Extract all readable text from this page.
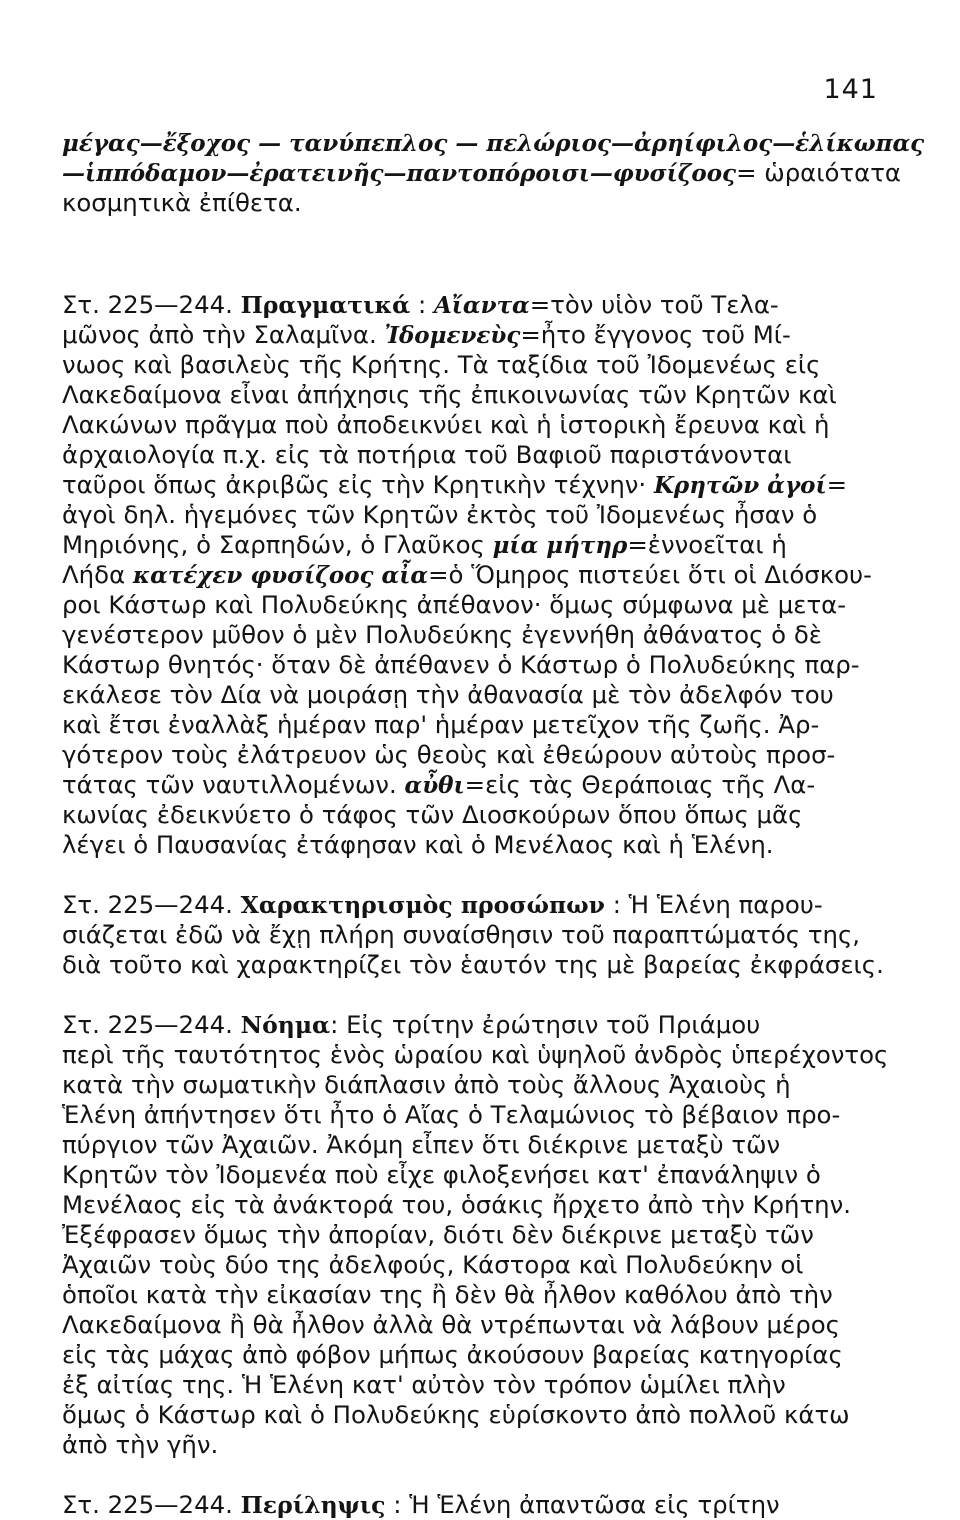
141
μέγας—ἔξοχος — τανύπεπλος — πελώριος—ἀρηίφιλος—ἑλίκωπας
—ἱππόδαμον—ἐρατεινῆς—παντοπόροισι—φυσίζοος= ὡραιότατα
κοσμητικὰ ἐπίθετα.
Στ. 225—244. Πραγματικά : Αἴαντα=τὸν υἱὸν τοῦ Τελα-
μῶνος ἀπὸ τὴν Σαλαμῖνα. Ἰδομενεὺς=ἦτο ἔγγονος τοῦ Μί-
νωος καὶ βασιλεὺς τῆς Κρήτης. Τὰ ταξίδια τοῦ Ἰδομενέως εἰς
Λακεδαίμονα εἶναι ἀπήχησις τῆς ἐπικοινωνίας τῶν Κρητῶν καὶ
Λακώνων πρᾶγμα ποὺ ἀποδεικνύει καὶ ἡ ἱστορικὴ ἔρευνα καὶ ἡ
ἀρχαιολογία π.χ. εἰς τὰ ποτήρια τοῦ Βαφιοῦ παριστάνονται
ταῦροι ὅπως ἀκριβῶς εἰς τὴν Κρητικὴν τέχνην· Κρητῶν ἀγοί=
ἀγοὶ δηλ. ἡγεμόνες τῶν Κρητῶν ἐκτὸς τοῦ Ἰδομενέως ἦσαν ὁ
Μηριόνης, ὁ Σαρπηδών, ὁ Γλαῦκος μία μήτηρ=ἐννοεῖται ἡ
Λήδα κατέχεν φυσίζοος αἶα=ὁ Ὅμηρος πιστεύει ὅτι οἱ Διόσκου-
ροι Κάστωρ καὶ Πολυδεύκης ἀπέθανον· ὅμως σύμφωνα μὲ μετα-
γενέστερον μῦθον ὁ μὲν Πολυδεύκης ἐγεννήθη ἀθάνατος ὁ δὲ
Κάστωρ θνητός· ὅταν δὲ ἀπέθανεν ὁ Κάστωρ ὁ Πολυδεύκης παρ-
εκάλεσε τὸν Δία νὰ μοιράσῃ τὴν ἀθανασία μὲ τὸν ἀδελφόν του
καὶ ἔτσι ἐναλλὰξ ἡμέραν παρ' ἡμέραν μετεῖχον τῆς ζωῆς. Ἀρ-
γότερον τοὺς ἐλάτρευον ὡς θεοὺς καὶ ἐθεώρουν αὐτοὺς προσ-
τάτας τῶν ναυτιλλομένων. αὖθι=εἰς τὰς Θεράποιας τῆς Λα-
κωνίας ἐδεικνύετο ὁ τάφος τῶν Διοσκούρων ὅπου ὅπως μᾶς
λέγει ὁ Παυσανίας ἐτάφησαν καὶ ὁ Μενέλαος καὶ ἡ Ἑλένη.
Στ. 225—244. Χαρακτηρισμὸς προσώπων : Ἡ Ἑλένη παρου-
σιάζεται ἐδῶ νὰ ἔχῃ πλήρη συναίσθησιν τοῦ παραπτώματός της,
διὰ τοῦτο καὶ χαρακτηρίζει τὸν ἑαυτόν της μὲ βαρείας ἐκφράσεις.
Στ. 225—244. Νόημα: Εἰς τρίτην ἐρώτησιν τοῦ Πριάμου
περὶ τῆς ταυτότητος ἑνὸς ὡραίου καὶ ὑψηλοῦ ἀνδρὸς ὑπερέχοντος
κατὰ τὴν σωματικὴν διάπλασιν ἀπὸ τοὺς ἄλλους Ἀχαιοὺς ἡ
Ἑλένη ἀπήντησεν ὅτι ἦτο ὁ Αἴας ὁ Τελαμώνιος τὸ βέβαιον προ-
πύργιον τῶν Ἀχαιῶν. Ἀκόμη εἶπεν ὅτι διέκρινε μεταξὺ τῶν
Κρητῶν τὸν Ἰδομενέα ποὺ εἶχε φιλοξενήσει κατ' ἐπανάληψιν ὁ
Μενέλαος εἰς τὰ ἀνάκτορά του, ὁσάκις ἤρχετο ἀπὸ τὴν Κρήτην.
Ἐξέφρασεν ὅμως τὴν ἀπορίαν, διότι δὲν διέκρινε μεταξὺ τῶν
Ἀχαιῶν τοὺς δύο της ἀδελφούς, Κάστορα καὶ Πολυδεύκην οἱ
ὁποῖοι κατὰ τὴν εἰκασίαν της ἢ δὲν θὰ ἦλθον καθόλου ἀπὸ τὴν
Λακεδαίμονα ἢ θὰ ἦλθον ἀλλὰ θὰ ντρέπωνται νὰ λάβουν μέρος
εἰς τὰς μάχας ἀπὸ φόβον μήπως ἀκούσουν βαρείας κατηγορίας
ἐξ αἰτίας της. Ἡ Ἑλένη κατ' αὐτὸν τὸν τρόπον ὡμίλει πλὴν
ὅμως ὁ Κάστωρ καὶ ὁ Πολυδεύκης εὑρίσκοντο ἀπὸ πολλοῦ κάτω
ἀπὸ τὴν γῆν.
Στ. 225—244. Περίληψις : Ἡ Ἑλένη ἀπαντῶσα εἰς τρίτην
